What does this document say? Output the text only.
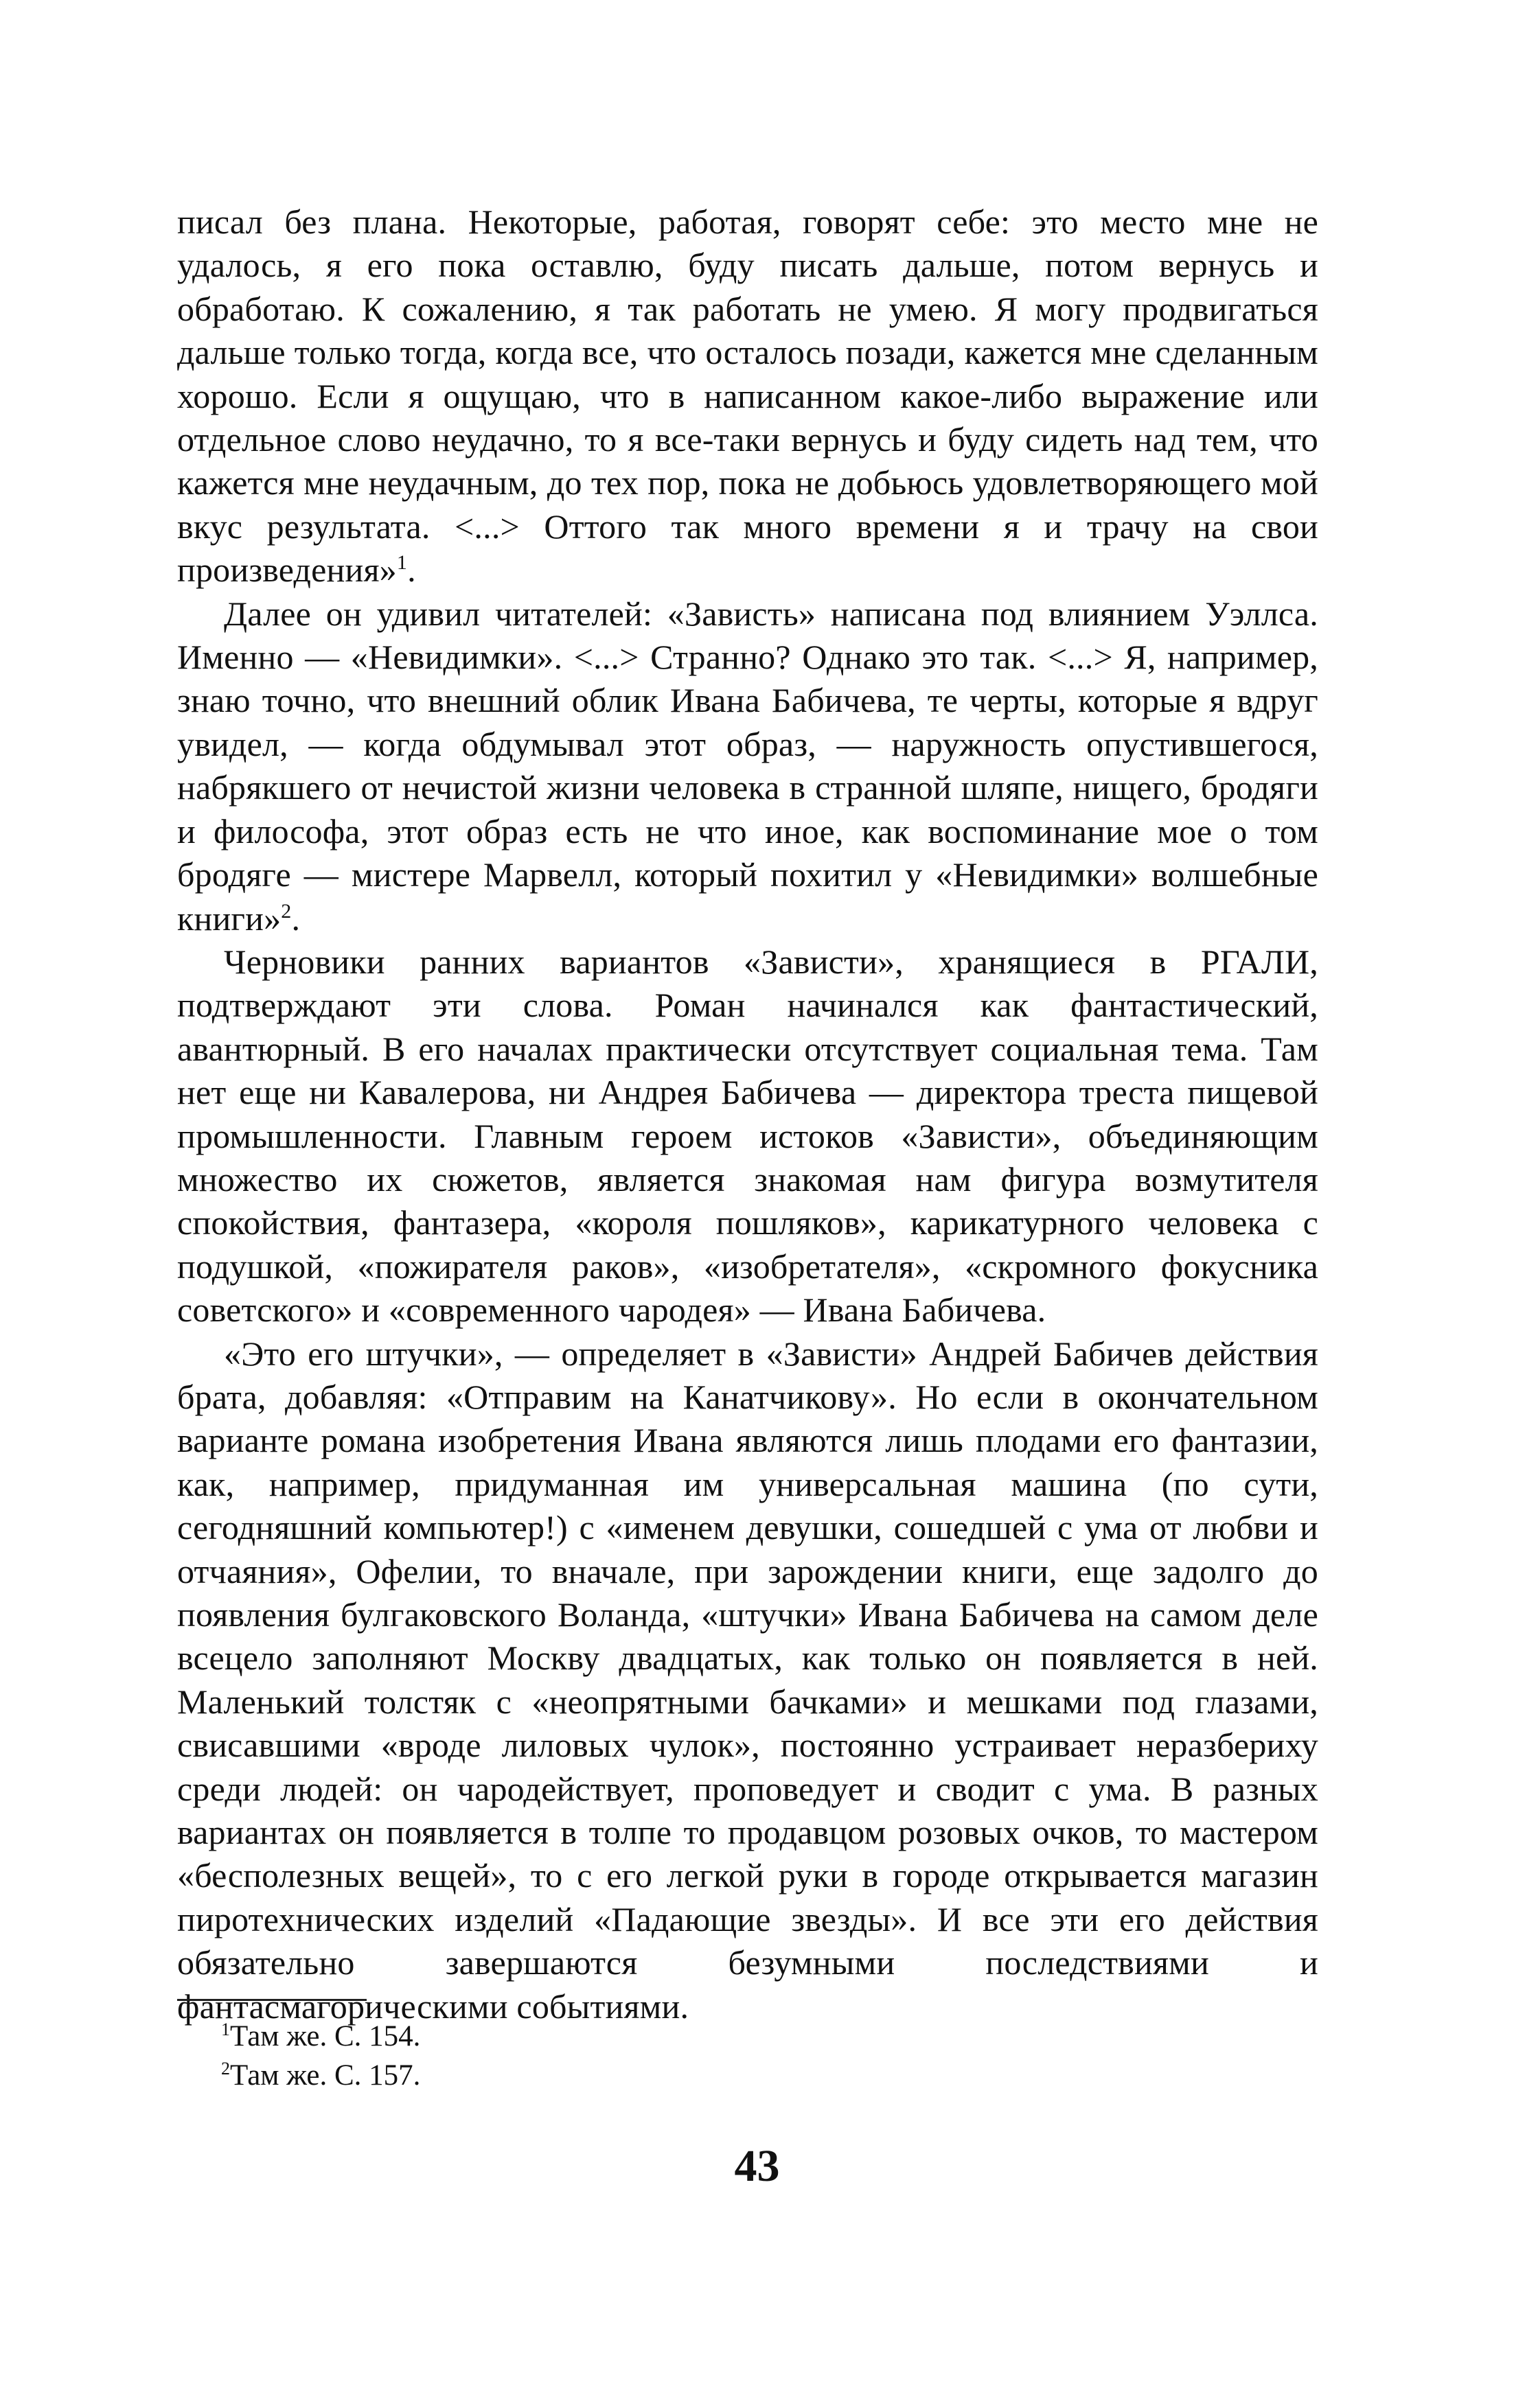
писал без плана. Некоторые, работая, говорят себе: это место мне не удалось, я его пока оставлю, буду писать дальше, потом вернусь и обработаю. К сожалению, я так работать не умею. Я могу продвигаться дальше только тогда, когда все, что осталось позади, кажется мне сделанным хорошо. Если я ощущаю, что в написанном какое-либо выражение или отдельное слово неудачно, то я все-таки вернусь и буду сидеть над тем, что кажется мне неудачным, до тех пор, пока не добьюсь удовлетворяющего мой вкус результата. <...> Оттого так много времени я и трачу на свои произведения»$^1$.

Далее он удивил читателей: «Зависть» написана под влиянием Уэллса. Именно — «Невидимки». <...> Странно? Однако это так. <...> Я, например, знаю точно, что внешний облик Ивана Бабичева, те черты, которые я вдруг увидел, — когда обдумывал этот образ, — наружность опустившегося, набрякшего от нечистой жизни человека в странной шляпе, нищего, бродяги и философа, этот образ есть не что иное, как воспоминание мое о том бродяге — мистере Марвелл, который похитил у «Невидимки» волшебные книги»$^2$.

Черновики ранних вариантов «Зависти», хранящиеся в РГАЛИ, подтверждают эти слова. Роман начинался как фантастический, авантюрный. В его началах практически отсутствует социальная тема. Там нет еще ни Кавалерова, ни Андрея Бабичева — директора треста пищевой промышленности. Главным героем истоков «Зависти», объединяющим множество их сюжетов, является знакомая нам фигура возмутителя спокойствия, фантазера, «короля пошляков», карикатурного человека с подушкой, «пожирателя раков», «изобретателя», «скромного фокусника советского» и «современного чародея» — Ивана Бабичева.

«Это его штучки», — определяет в «Зависти» Андрей Бабичев действия брата, добавляя: «Отправим на Канатчикову». Но если в окончательном варианте романа изобретения Ивана являются лишь плодами его фантазии, как, например, придуманная им универсальная машина (по сути, сегодняшний компьютер!) с «именем девушки, сошедшей с ума от любви и отчаяния», Офелии, то вначале, при зарождении книги, еще задолго до появления булгаковского Воланда, «штучки» Ивана Бабичева на самом деле всецело заполняют Москву двадцатых, как только он появляется в ней. Маленький толстяк с «неопрятными бачками» и мешками под глазами, свисавшими «вроде лиловых чулок», постоянно устраивает неразбериху среди людей: он чародействует, проповедует и сводит с ума. В разных вариантах он появляется в толпе то продавцом розовых очков, то мастером «бесполезных вещей», то с его легкой руки в городе открывается магазин пиротехнических изделий «Падающие звезды». И все эти его действия обязательно завершаются безумными последствиями и фантасмагорическими событиями.

$^1$Там же. С. 154.
$^2$Там же. С. 157.
43
